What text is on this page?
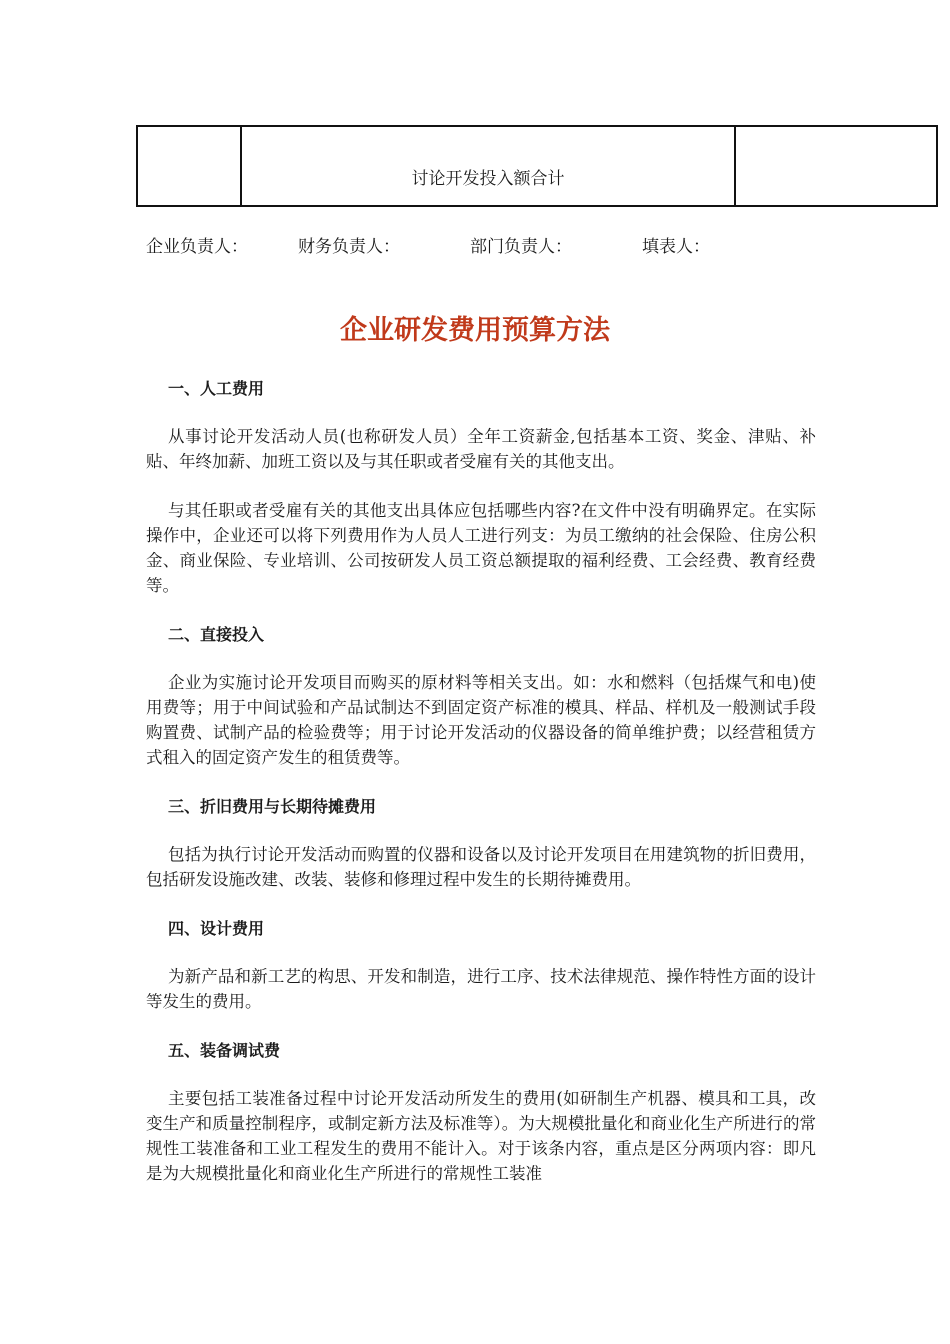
	讨论开发投入额合计	
企业负责人：	财务负责人：	部门负责人：	填表人：
企业研发费用预算方法
一、人工费用

从事讨论开发活动人员(也称研发人员）全年工资薪金,包括基本工资、奖金、津贴、补贴、年终加薪、加班工资以及与其任职或者受雇有关的其他支出。

与其任职或者受雇有关的其他支出具体应包括哪些内容?在文件中没有明确界定。在实际操作中，企业还可以将下列费用作为人员人工进行列支：为员工缴纳的社会保险、住房公积金、商业保险、专业培训、公司按研发人员工资总额提取的福利经费、工会经费、教育经费等。

二、直接投入

企业为实施讨论开发项目而购买的原材料等相关支出。如：水和燃料（包括煤气和电)使用费等；用于中间试验和产品试制达不到固定资产标准的模具、样品、样机及一般测试手段购置费、试制产品的检验费等；用于讨论开发活动的仪器设备的简单维护费；以经营租赁方式租入的固定资产发生的租赁费等。

三、折旧费用与长期待摊费用

包括为执行讨论开发活动而购置的仪器和设备以及讨论开发项目在用建筑物的折旧费用，包括研发设施改建、改装、装修和修理过程中发生的长期待摊费用。

四、设计费用

为新产品和新工艺的构思、开发和制造，进行工序、技术法律规范、操作特性方面的设计等发生的费用。

五、装备调试费

主要包括工装准备过程中讨论开发活动所发生的费用(如研制生产机器、模具和工具，改变生产和质量控制程序，或制定新方法及标准等）。为大规模批量化和商业化生产所进行的常规性工装准备和工业工程发生的费用不能计入。对于该条内容，重点是区分两项内容：即凡是为大规模批量化和商业化生产所进行的常规性工装准
